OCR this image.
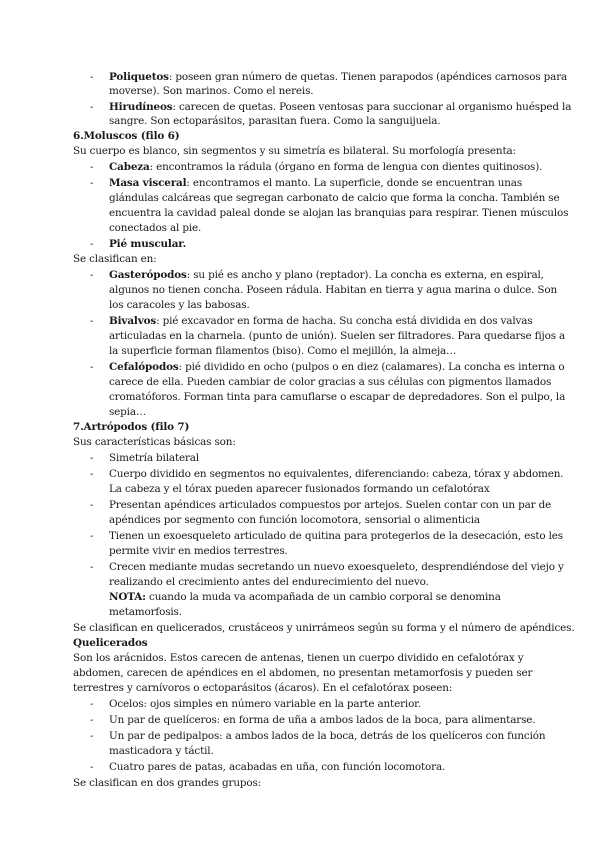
- Poliquetos: poseen gran número de quetas. Tienen parapodos (apéndices carnosos para
moverse). Son marinos. Como el nereis.
- Hirudíneos: carecen de quetas. Poseen ventosas para succionar al organismo huésped la
sangre. Son ectoparásitos, parasitan fuera. Como la sanguijuela.
6.Moluscos (filo 6)
Su cuerpo es blanco, sin segmentos y su simetría es bilateral. Su morfología presenta:
- Cabeza: encontramos la rádula (órgano en forma de lengua con dientes quitinosos).
- Masa visceral: encontramos el manto. La superficie, donde se encuentran unas
glándulas calcáreas que segregan carbonato de calcio que forma la concha. También se
encuentra la cavidad paleal donde se alojan las branquias para respirar. Tienen músculos
conectados al pie.
- Pié muscular.
Se clasifican en:
- Gasterópodos: su pié es ancho y plano (reptador). La concha es externa, en espiral,
algunos no tienen concha. Poseen rádula. Habitan en tierra y agua marina o dulce. Son
los caracoles y las babosas.
- Bivalvos: pié excavador en forma de hacha. Su concha está dividida en dos valvas
articuladas en la charnela. (punto de unión). Suelen ser filtradores. Para quedarse fijos a
la superficie forman filamentos (biso). Como el mejillón, la almeja…
- Cefalópodos: pié dividido en ocho (pulpos o en diez (calamares). La concha es interna o
carece de ella. Pueden cambiar de color gracias a sus células con pigmentos llamados
cromatóforos. Forman tinta para camuflarse o escapar de depredadores. Son el pulpo, la
sepia…
7.Artrópodos (filo 7)
Sus características básicas son:
- Simetría bilateral
- Cuerpo dividido en segmentos no equivalentes, diferenciando: cabeza, tórax y abdomen.
La cabeza y el tórax pueden aparecer fusionados formando un cefalotórax
- Presentan apéndices articulados compuestos por artejos. Suelen contar con un par de
apéndices por segmento con función locomotora, sensorial o alimenticia
- Tienen un exoesqueleto articulado de quitina para protegerlos de la desecación, esto les
permite vivir en medios terrestres.
- Crecen mediante mudas secretando un nuevo exoesqueleto, desprendiéndose del viejo y
realizando el crecimiento antes del endurecimiento del nuevo.
NOTA: cuando la muda va acompañada de un cambio corporal se denomina
metamorfosis.
Se clasifican en quelicerados, crustáceos y unirrámeos según su forma y el número de apéndices.
Quelicerados
Son los arácnidos. Estos carecen de antenas, tienen un cuerpo dividido en cefalotórax y
abdomen, carecen de apéndices en el abdomen, no presentan metamorfosis y pueden ser
terrestres y carnívoros o ectoparásitos (ácaros). En el cefalotórax poseen:
- Ocelos: ojos simples en número variable en la parte anterior.
- Un par de quelíceros: en forma de uña a ambos lados de la boca, para alimentarse.
- Un par de pedipalpos: a ambos lados de la boca, detrás de los quelíceros con función
masticadora y táctil.
- Cuatro pares de patas, acabadas en uña, con función locomotora.
Se clasifican en dos grandes grupos:
